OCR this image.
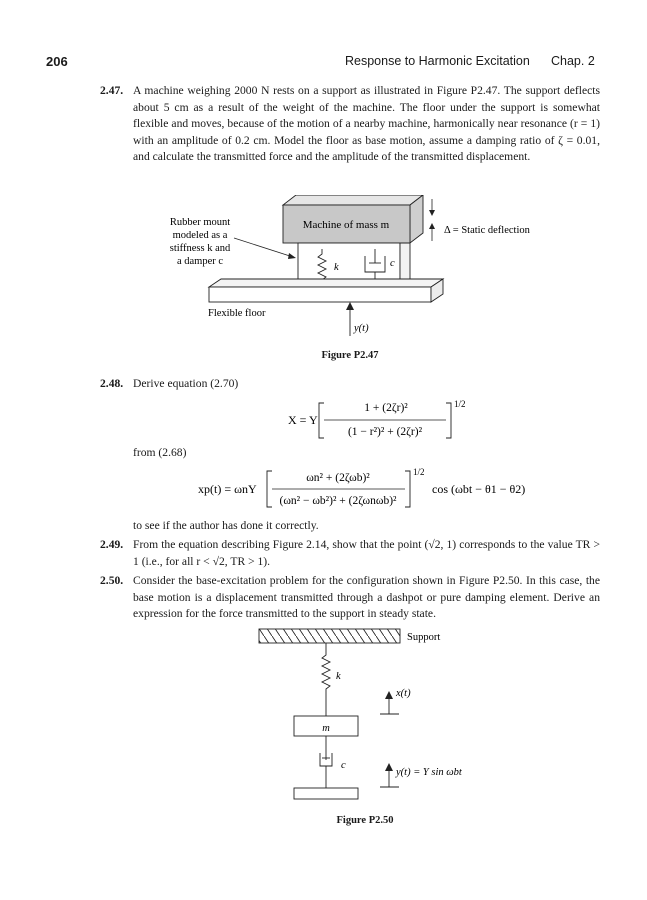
206	Response to Harmonic Excitation Chap. 2
2.47. A machine weighing 2000 N rests on a support as illustrated in Figure P2.47. The support deflects about 5 cm as a result of the weight of the machine. The floor under the support is somewhat flexible and moves, because of the motion of a nearby machine, harmonically near resonance (r = 1) with an amplitude of 0.2 cm. Model the floor as base motion, assume a damping ratio of ζ = 0.01, and calculate the transmitted force and the amplitude of the transmitted displacement.
Rubber mount
modeled as a
stiffness k and
a damper c
Machine of mass m
k	c
Flexible floor
Δ = Static deflection
y(t)
Figure P2.47
2.48. Derive equation (2.70)
X = Y
1 + (2ζr)²
(1 − r²)² + (2ζr)²
1/2
from (2.68)
xp(t) = ωnY
ωn² + (2ζωb)²
(ωn² − ωb²)² + (2ζωnωb)²
1/2
cos (ωbt − θ1 − θ2)
to see if the author has done it correctly.
2.49. From the equation describing Figure 2.14, show that the point (√2, 1) corresponds to the value TR > 1 (i.e., for all r < √2, TR > 1).
2.50. Consider the base-excitation problem for the configuration shown in Figure P2.50. In this case, the base motion is a displacement transmitted through a dashpot or pure damping element. Derive an expression for the force transmitted to the support in steady state.
Support
k
m
c
x(t)
y(t) = Y sin ωbt
Figure P2.50
